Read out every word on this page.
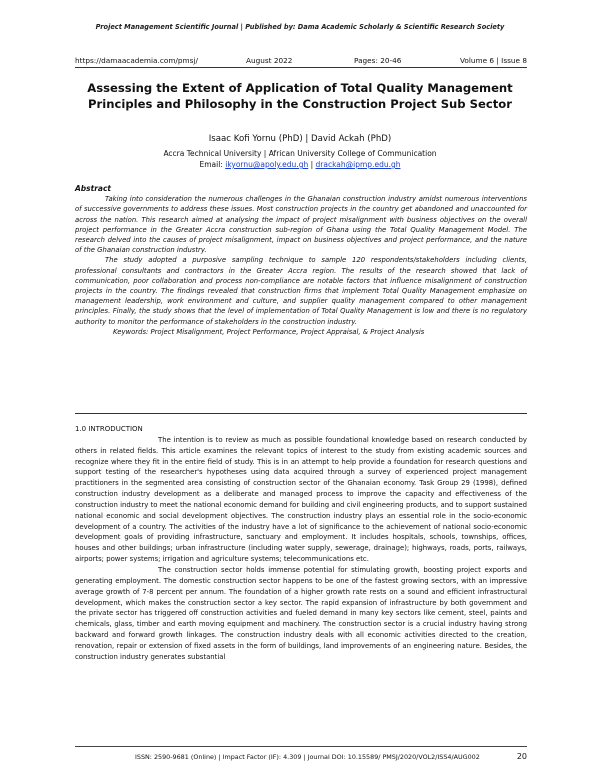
Project Management Scientific Journal | Published by: Dama Academic Scholarly & Scientific Research Society
https://damaacademia.com/pmsj/	August 2022	Pages: 20-46	Volume 6 | Issue 8
Assessing the Extent of Application of Total Quality Management Principles and Philosophy in the Construction Project Sub Sector
Isaac Kofi Yornu (PhD) | David Ackah (PhD)
Accra Technical University | African University College of Communication
Email: ikyornu@apoly.edu.gh | drackah@ipmp.edu.gh
Abstract

Taking into consideration the numerous challenges in the Ghanaian construction industry amidst numerous interventions of successive governments to address these issues. Most construction projects in the country get abandoned and unaccounted for across the nation. This research aimed at analysing the impact of project misalignment with business objectives on the overall project performance in the Greater Accra construction sub-region of Ghana using the Total Quality Management Model. The research delved into the causes of project misalignment, impact on business objectives and project performance, and the nature of the Ghanaian construction industry.

The study adopted a purposive sampling technique to sample 120 respondents/stakeholders including clients, professional consultants and contractors in the Greater Accra region. The results of the research showed that lack of communication, poor collaboration and process non-compliance are notable factors that influence misalignment of construction projects in the country. The findings revealed that construction firms that implement Total Quality Management emphasize on management leadership, work environment and culture, and supplier quality management compared to other management principles. Finally, the study shows that the level of implementation of Total Quality Management is low and there is no regulatory authority to monitor the performance of stakeholders in the construction industry.

Keywords: Project Misalignment, Project Performance, Project Appraisal, & Project Analysis

1.0 INTRODUCTION

The intention is to review as much as possible foundational knowledge based on research conducted by others in related fields. This article examines the relevant topics of interest to the study from existing academic sources and recognize where they fit in the entire field of study. This is in an attempt to help provide a foundation for research questions and support testing of the researcher's hypotheses using data acquired through a survey of experienced project management practitioners in the segmented area consisting of construction sector of the Ghanaian economy. Task Group 29 (1998), defined construction industry development as a deliberate and managed process to improve the capacity and effectiveness of the construction industry to meet the national economic demand for building and civil engineering products, and to support sustained national economic and social development objectives. The construction industry plays an essential role in the socio-economic development of a country. The activities of the industry have a lot of significance to the achievement of national socio-economic development goals of providing infrastructure, sanctuary and employment. It includes hospitals, schools, townships, offices, houses and other buildings; urban infrastructure (including water supply, sewerage, drainage); highways, roads, ports, railways, airports; power systems; irrigation and agriculture systems; telecommunications etc.

The construction sector holds immense potential for stimulating growth, boosting project exports and generating employment. The domestic construction sector happens to be one of the fastest growing sectors, with an impressive average growth of 7-8 percent per annum. The foundation of a higher growth rate rests on a sound and efficient infrastructural development, which makes the construction sector a key sector. The rapid expansion of infrastructure by both government and the private sector has triggered off construction activities and fueled demand in many key sectors like cement, steel, paints and chemicals, glass, timber and earth moving equipment and machinery. The construction sector is a crucial industry having strong backward and forward growth linkages. The construction industry deals with all economic activities directed to the creation, renovation, repair or extension of fixed assets in the form of buildings, land improvements of an engineering nature. Besides, the construction industry generates substantial

ISSN: 2590-9681 (Online) | Impact Factor (IF): 4.309 | Journal DOI: 10.15589/ PMSJ/2020/VOL2/ISS4/AUG002	20
